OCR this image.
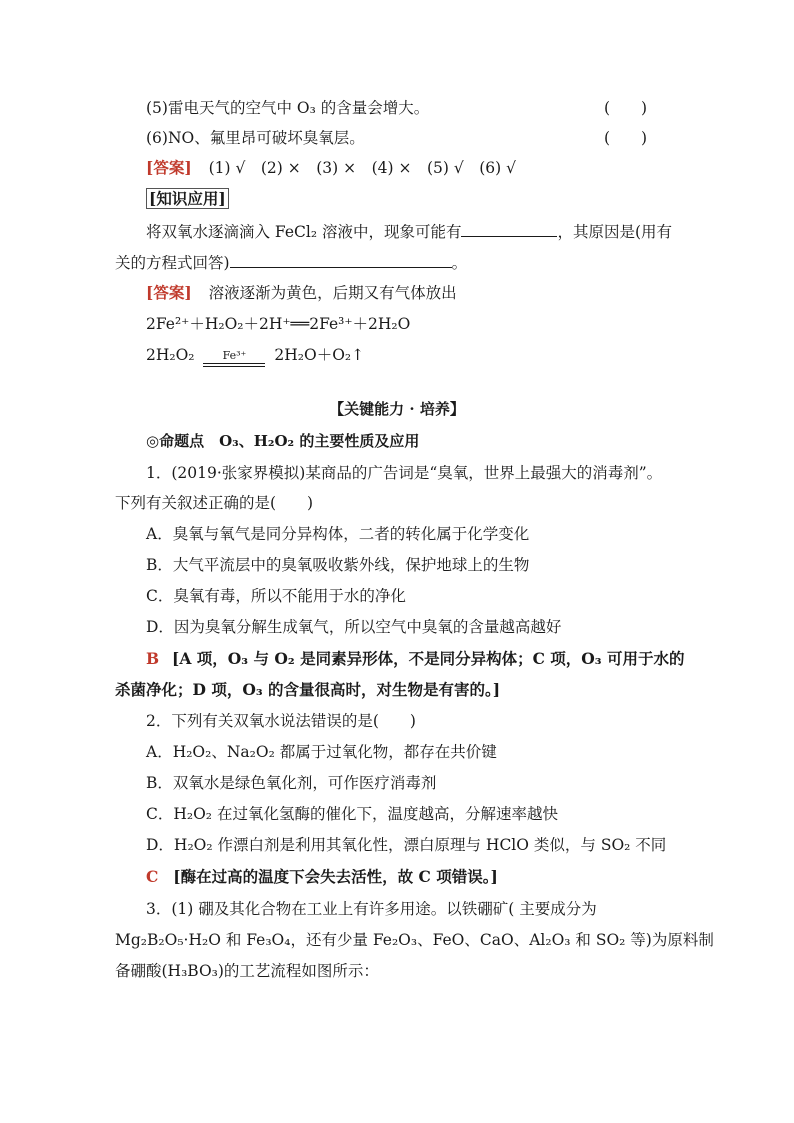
(5)雷电天气的空气中 O₃ 的含量会增大。	(　　)
(6)NO、氟里昂可破坏臭氧层。	(　　)
[答案] (1) √　(2) ×　(3) ×　(4) ×　(5) √　(6) √
[知识应用]
将双氧水逐滴滴入 FeCl₂ 溶液中，现象可能有	，其原因是(用有
关的方程式回答)	。
[答案] 溶液逐渐为黄色，后期又有气体放出
2Fe²⁺＋H₂O₂＋2H⁺══2Fe³⁺＋2H₂O
2H₂O₂	Fe³⁺	2H₂O＋O₂↑
【关键能力 · 培养】
◎命题点　O₃、H₂O₂ 的主要性质及应用
1．(2019·张家界模拟)某商品的广告词是“臭氧，世界上最强大的消毒剂”。
下列有关叙述正确的是(　　)
A．臭氧与氧气是同分异构体，二者的转化属于化学变化
B．大气平流层中的臭氧吸收紫外线，保护地球上的生物
C．臭氧有毒，所以不能用于水的净化
D．因为臭氧分解生成氧气，所以空气中臭氧的含量越高越好
B [A 项，O₃ 与 O₂ 是同素异形体，不是同分异构体；C 项，O₃ 可用于水的
杀菌净化；D 项，O₃ 的含量很高时，对生物是有害的。]
2．下列有关双氧水说法错误的是(　　)
A．H₂O₂、Na₂O₂ 都属于过氧化物，都存在共价键
B．双氧水是绿色氧化剂，可作医疗消毒剂
C．H₂O₂ 在过氧化氢酶的催化下，温度越高，分解速率越快
D．H₂O₂ 作漂白剂是利用其氧化性，漂白原理与 HClO 类似，与 SO₂ 不同
C [酶在过高的温度下会失去活性，故 C 项错误。]
3．(1) 硼及其化合物在工业上有许多用途。以铁硼矿( 主要成分为
Mg₂B₂O₅·H₂O 和 Fe₃O₄，还有少量 Fe₂O₃、FeO、CaO、Al₂O₃ 和 SO₂ 等)为原料制
备硼酸(H₃BO₃)的工艺流程如图所示：
